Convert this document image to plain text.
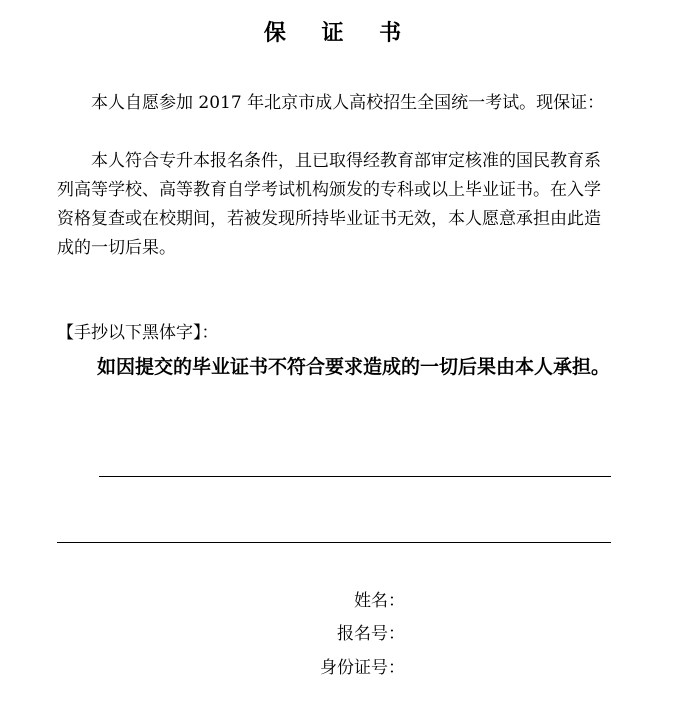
保 证 书

本人自愿参加 2017 年北京市成人高校招生全国统一考试。现保证：

本人符合专升本报名条件，且已取得经教育部审定核准的国民教育系列高等学校、高等教育自学考试机构颁发的专科或以上毕业证书。在入学资格复查或在校期间，若被发现所持毕业证书无效，本人愿意承担由此造成的一切后果。

【手抄以下黑体字】：

如因提交的毕业证书不符合要求造成的一切后果由本人承担。

姓名：
报名号：
身份证号：
